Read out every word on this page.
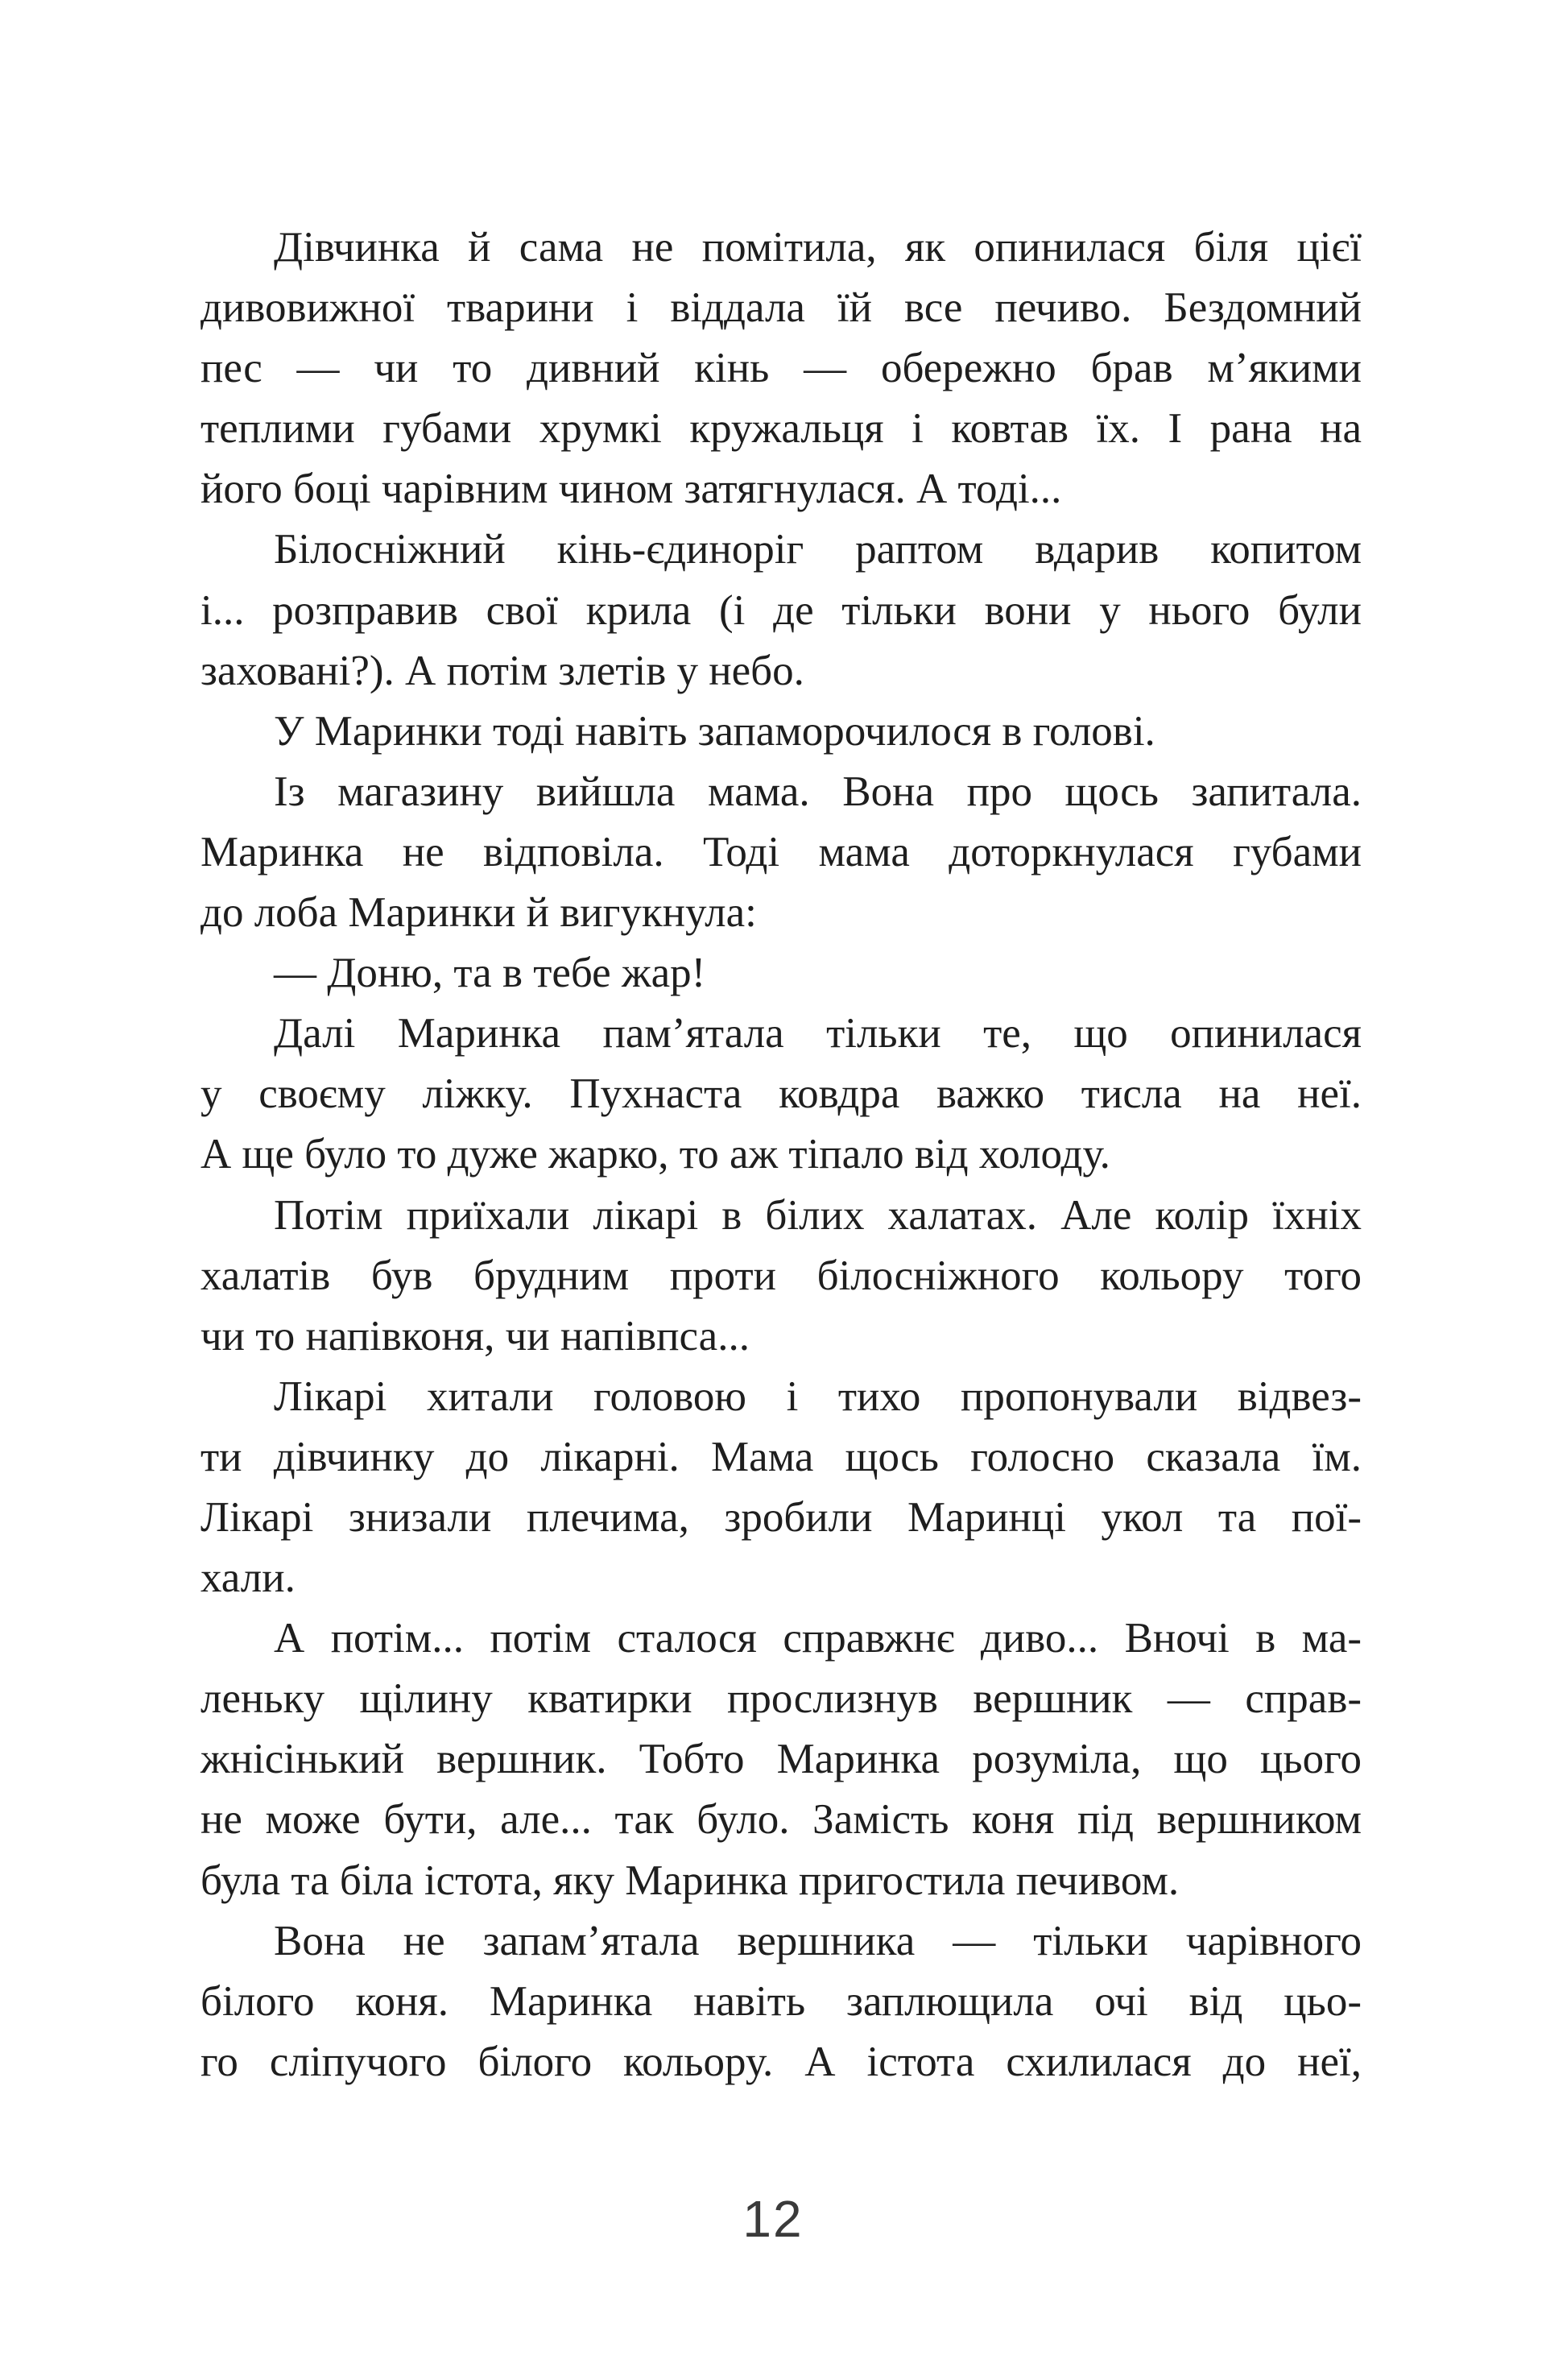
Дівчинка й сама не помітила, як опинилася біля цієї
дивовижної тварини і віддала їй все печиво. Бездомний
пес — чи то дивний кінь — обережно брав м’якими
теплими губами хрумкі кружальця і ковтав їх. І рана на
його боці чарівним чином затягнулася. А тоді...
Білосніжний кінь-єдиноріг раптом вдарив копитом
і... розправив свої крила (і де тільки вони у нього були
заховані?). А потім злетів у небо.
У Маринки тоді навіть запаморочилося в голові.
Із магазину вийшла мама. Вона про щось запитала.
Маринка не відповіла. Тоді мама доторкнулася губами
до лоба Маринки й вигукнула:
— Доню, та в тебе жар!
Далі Маринка пам’ятала тільки те, що опинилася
у своєму ліжку. Пухнаста ковдра важко тисла на неї.
А ще було то дуже жарко, то аж тіпало від холоду.
Потім приїхали лікарі в білих халатах. Але колір їхніх
халатів був брудним проти білосніжного кольору того
чи то напівконя, чи напівпса...
Лікарі хитали головою і тихо пропонували відвез-
ти дівчинку до лікарні. Мама щось голосно сказала їм.
Лікарі знизали плечима, зробили Маринці укол та пої-
хали.
А потім... потім сталося справжнє диво... Вночі в ма-
леньку щілину кватирки прослизнув вершник — справ-
жнісінький вершник. Тобто Маринка розуміла, що цього
не може бути, але... так було. Замість коня під вершником
була та біла істота, яку Маринка пригостила печивом.
Вона не запам’ятала вершника — тільки чарівного
білого коня. Маринка навіть заплющила очі від цьо-
го сліпучого білого кольору. А істота схилилася до неї,
12
